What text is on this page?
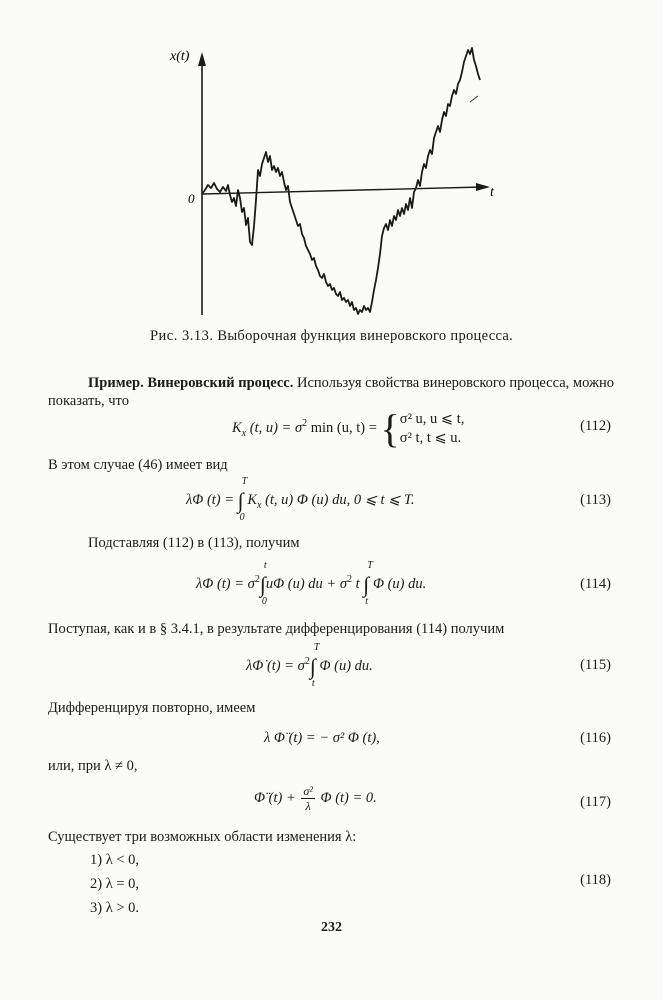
x(t)
t
0
Рис. 3.13. Выборочная функция винеровского процесса.
Пример. Винеровский процесс. Используя свойства винеровского процесса, можно показать, что
$K_x$ (t, $u) = \sigma^2$ min (u, t) = { σ² u, u ⩽ t,
σ² t, t ⩽ u.
(112)
В этом случае (46) имеет вид
λΦ (t) =
T
∫
0
$K_x$ (t, u) Φ (u) du, 0 ⩽ t ⩽ T.	(113)
Подставляя (112) в (113), получим
λΦ $(t) = \sigma^2$
t
∫
0
uΦ (u) du + $\sigma^2$ t
T
∫
t
Φ (u) du.	(114)
Поступая, как и в § 3.4.1, в результате дифференцирования (114) получим
λΦ̇ $(t) = \sigma^2$
T
∫
t
Φ (u) du.	(115)
Дифференцируя повторно, имеем
λ Φ̈ (t) = − σ² Φ (t),	(116)
или, при λ ≠ 0,
Φ̈ $(t) + \frac{\text{σ²}}{\lambda}$ Φ (t) = 0.	(117)
Существует три возможных области изменения λ:
1) λ < 0,
2) λ = 0,
3) λ > 0.
(118)
232
